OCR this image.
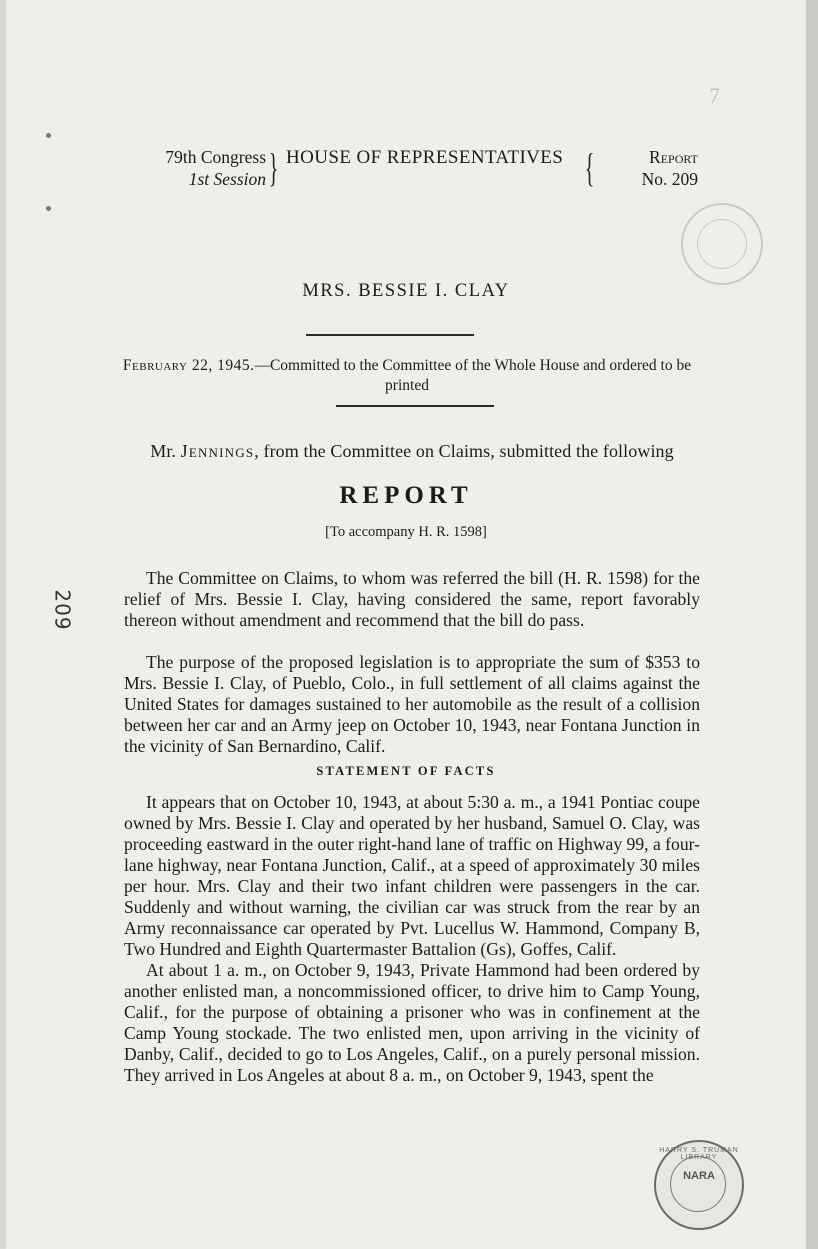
7
79th Congress
1st Session } HOUSE OF REPRESENTATIVES {	Report
No. 209
MRS. BESSIE I. CLAY
February 22, 1945.—Committed to the Committee of the Whole House and ordered to be printed
Mr. Jennings, from the Committee on Claims, submitted the following
REPORT
[To accompany H. R. 1598]

The Committee on Claims, to whom was referred the bill (H. R. 1598) for the relief of Mrs. Bessie I. Clay, having considered the same, report favorably thereon without amendment and recommend that the bill do pass.

The purpose of the proposed legislation is to appropriate the sum of $353 to Mrs. Bessie I. Clay, of Pueblo, Colo., in full settlement of all claims against the United States for damages sustained to her automobile as the result of a collision between her car and an Army jeep on October 10, 1943, near Fontana Junction in the vicinity of San Bernardino, Calif.

STATEMENT OF FACTS

It appears that on October 10, 1943, at about 5:30 a. m., a 1941 Pontiac coupe owned by Mrs. Bessie I. Clay and operated by her husband, Samuel O. Clay, was proceeding eastward in the outer right-hand lane of traffic on Highway 99, a four-lane highway, near Fontana Junction, Calif., at a speed of approximately 30 miles per hour. Mrs. Clay and their two infant children were passengers in the car. Suddenly and without warning, the civilian car was struck from the rear by an Army reconnaissance car operated by Pvt. Lucellus W. Hammond, Company B, Two Hundred and Eighth Quartermaster Battalion (Gs), Goffes, Calif.

At about 1 a. m., on October 9, 1943, Private Hammond had been ordered by another enlisted man, a noncommissioned officer, to drive him to Camp Young, Calif., for the purpose of obtaining a prisoner who was in confinement at the Camp Young stockade. The two enlisted men, upon arriving in the vicinity of Danby, Calif., decided to go to Los Angeles, Calif., on a purely personal mission. They arrived in Los Angeles at about 8 a. m., on October 9, 1943, spent the

209
HARRY S. TRUMAN LIBRARY
NARA
